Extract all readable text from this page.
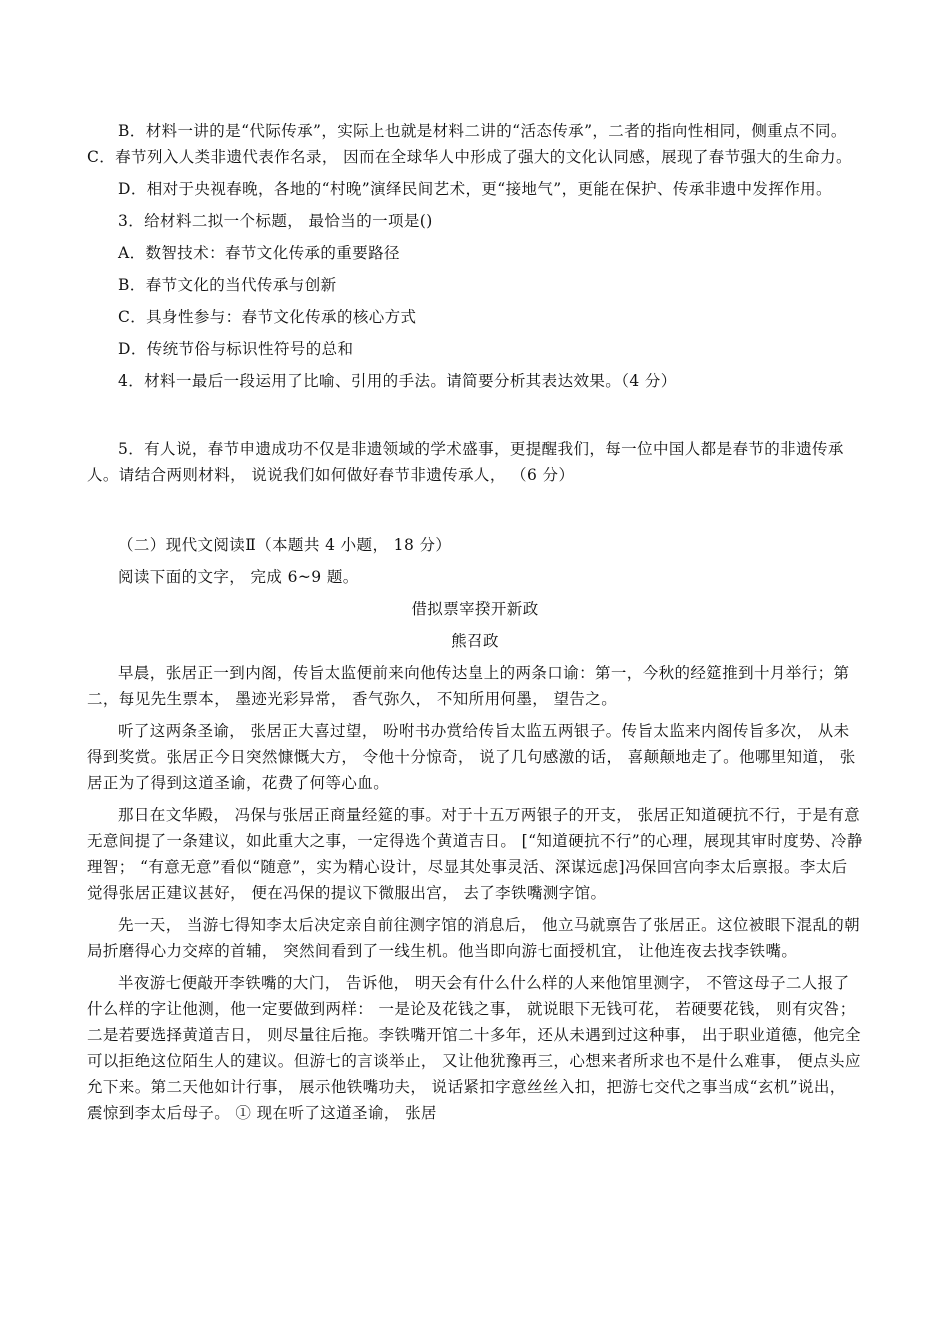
B．材料一讲的是“代际传承”，实际上也就是材料二讲的“活态传承”，二者的指向性相同，侧重点不同。C．春节列入人类非遗代表作名录， 因而在全球华人中形成了强大的文化认同感，展现了春节强大的生命力。

D．相对于央视春晚，各地的“村晚”演绎民间艺术，更“接地气”，更能在保护、传承非遗中发挥作用。

3．给材料二拟一个标题， 最恰当的一项是()

A．数智技术：春节文化传承的重要路径

B．春节文化的当代传承与创新

C．具身性参与：春节文化传承的核心方式

D．传统节俗与标识性符号的总和

4．材料一最后一段运用了比喻、引用的手法。请简要分析其表达效果。（4 分）

5．有人说，春节申遗成功不仅是非遗领域的学术盛事，更提醒我们，每一位中国人都是春节的非遗传承人。请结合两则材料， 说说我们如何做好春节非遗传承人， （6 分）

（二）现代文阅读Ⅱ（本题共 4 小题， 18 分）

阅读下面的文字， 完成 6~9 题。

借拟票宰揆开新政

熊召政

早晨，张居正一到内阁，传旨太监便前来向他传达皇上的两条口谕：第一，今秋的经筵推到十月举行；第二，每见先生票本， 墨迹光彩异常， 香气弥久， 不知所用何墨， 望告之。

听了这两条圣谕， 张居正大喜过望， 吩咐书办赏给传旨太监五两银子。传旨太监来内阁传旨多次， 从未得到奖赏。张居正今日突然慷慨大方， 令他十分惊奇， 说了几句感激的话， 喜颠颠地走了。他哪里知道， 张居正为了得到这道圣谕，花费了何等心血。

那日在文华殿， 冯保与张居正商量经筵的事。对于十五万两银子的开支， 张居正知道硬抗不行，于是有意无意间提了一条建议，如此重大之事，一定得选个黄道吉日。 [“知道硬抗不行”的心理，展现其审时度势、冷静理智； “有意无意”看似“随意”，实为精心设计，尽显其处事灵活、深谋远虑]冯保回宫向李太后禀报。李太后觉得张居正建议甚好， 便在冯保的提议下微服出宫， 去了李铁嘴测字馆。

先一天， 当游七得知李太后决定亲自前往测字馆的消息后， 他立马就禀告了张居正。这位被眼下混乱的朝局折磨得心力交瘁的首辅， 突然间看到了一线生机。他当即向游七面授机宜， 让他连夜去找李铁嘴。

半夜游七便敲开李铁嘴的大门， 告诉他， 明天会有什么什么样的人来他馆里测字， 不管这母子二人报了什么样的字让他测，他一定要做到两样： 一是论及花钱之事， 就说眼下无钱可花， 若硬要花钱， 则有灾咎； 二是若要选择黄道吉日， 则尽量往后拖。李铁嘴开馆二十多年，还从未遇到过这种事， 出于职业道德，他完全可以拒绝这位陌生人的建议。但游七的言谈举止， 又让他犹豫再三，心想来者所求也不是什么难事， 便点头应允下来。第二天他如计行事， 展示他铁嘴功夫， 说话紧扣字意丝丝入扣，把游七交代之事当成“玄机”说出， 震惊到李太后母子。 ① 现在听了这道圣谕， 张居
